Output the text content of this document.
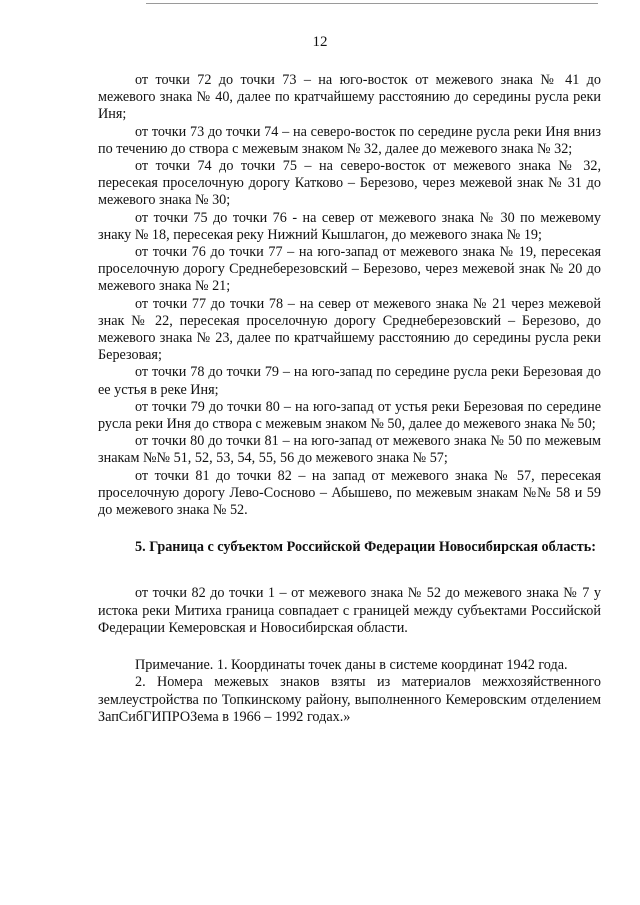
12

от точки 72 до точки 73 – на юго-восток от межевого знака № 41 до межевого знака № 40, далее по кратчайшему расстоянию до середины русла реки Иня;

от точки 73 до точки 74 – на северо-восток по середине русла реки Иня вниз по течению до створа с межевым знаком № 32, далее до межевого знака № 32;

от точки 74 до точки 75 – на северо-восток от межевого знака № 32, пересекая проселочную дорогу Катково – Березово, через межевой знак № 31 до межевого знака № 30;

от точки 75 до точки 76 - на север от межевого знака № 30 по межевому знаку № 18, пересекая реку Нижний Кышлагон, до межевого знака № 19;

от точки 76 до точки 77 – на юго-запад от межевого знака № 19, пересекая проселочную дорогу Среднеберезовский – Березово, через межевой знак № 20 до межевого знака № 21;

от точки 77 до точки 78 – на север от межевого знака № 21 через межевой знак № 22, пересекая проселочную дорогу Среднеберезовский – Березово, до межевого знака № 23, далее по кратчайшему расстоянию до середины русла реки Березовая;

от точки 78 до точки 79 – на юго-запад по середине русла реки Березовая до ее устья в реке Иня;

от точки 79 до точки 80 – на юго-запад от устья реки Березовая по середине русла реки Иня до створа с межевым знаком № 50, далее до межевого знака № 50;

от точки 80 до точки 81 – на юго-запад от межевого знака № 50 по межевым знакам №№ 51, 52, 53, 54, 55, 56 до межевого знака № 57;

от точки 81 до точки 82 – на запад от межевого знака № 57, пересекая проселочную дорогу Лево-Сосново – Абышево, по межевым знакам №№ 58 и 59 до межевого знака № 52.

5. Граница с субъектом Российской Федерации Новосибирская область:

от точки 82 до точки 1 – от межевого знака № 52 до межевого знака № 7 у истока реки Митиха граница совпадает с границей между субъектами Российской Федерации Кемеровская и Новосибирская области.

Примечание. 1. Координаты точек даны в системе координат 1942 года.

2. Номера межевых знаков взяты из материалов межхозяйственного землеустройства по Топкинскому району, выполненного Кемеровским отделением ЗапСибГИПРОЗема в 1966 – 1992 годах.»
